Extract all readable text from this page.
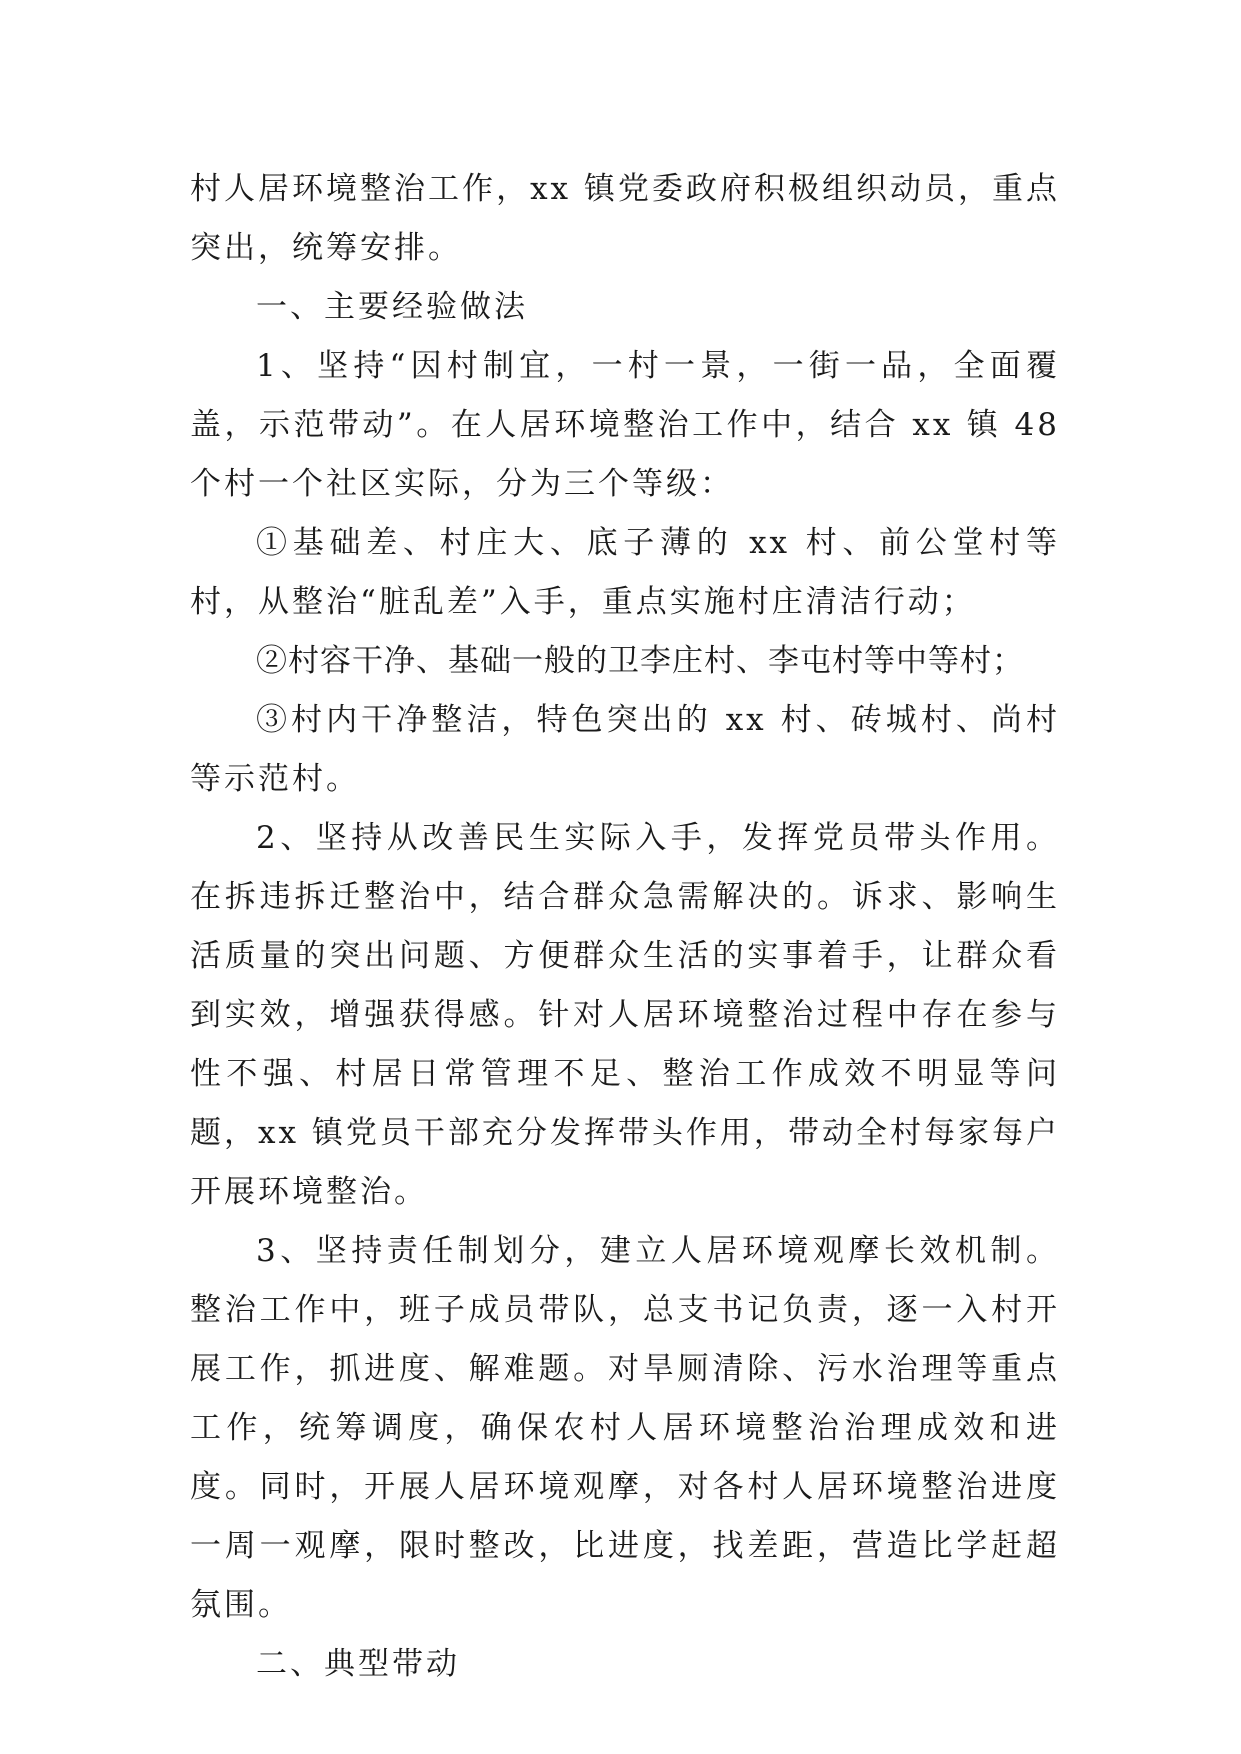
村人居环境整治工作，xx 镇党委政府积极组织动员，重点突出，统筹安排。

一、主要经验做法

1、坚持“因村制宜，一村一景，一街一品，全面覆盖，示范带动”。在人居环境整治工作中，结合 xx 镇 48 个村一个社区实际，分为三个等级：

①基础差、村庄大、底子薄的 xx 村、前公堂村等村，从整治“脏乱差”入手，重点实施村庄清洁行动；

②村容干净、基础一般的卫李庄村、李屯村等中等村；

③村内干净整洁，特色突出的 xx 村、砖城村、尚村等示范村。

2、坚持从改善民生实际入手，发挥党员带头作用。在拆违拆迁整治中，结合群众急需解决的。诉求、影响生活质量的突出问题、方便群众生活的实事着手，让群众看到实效，增强获得感。针对人居环境整治过程中存在参与性不强、村居日常管理不足、整治工作成效不明显等问题，xx 镇党员干部充分发挥带头作用，带动全村每家每户开展环境整治。

3、坚持责任制划分，建立人居环境观摩长效机制。整治工作中，班子成员带队，总支书记负责，逐一入村开展工作，抓进度、解难题。对旱厕清除、污水治理等重点工作，统筹调度，确保农村人居环境整治治理成效和进度。同时，开展人居环境观摩，对各村人居环境整治进度一周一观摩，限时整改，比进度，找差距，营造比学赶超氛围。

二、典型带动
